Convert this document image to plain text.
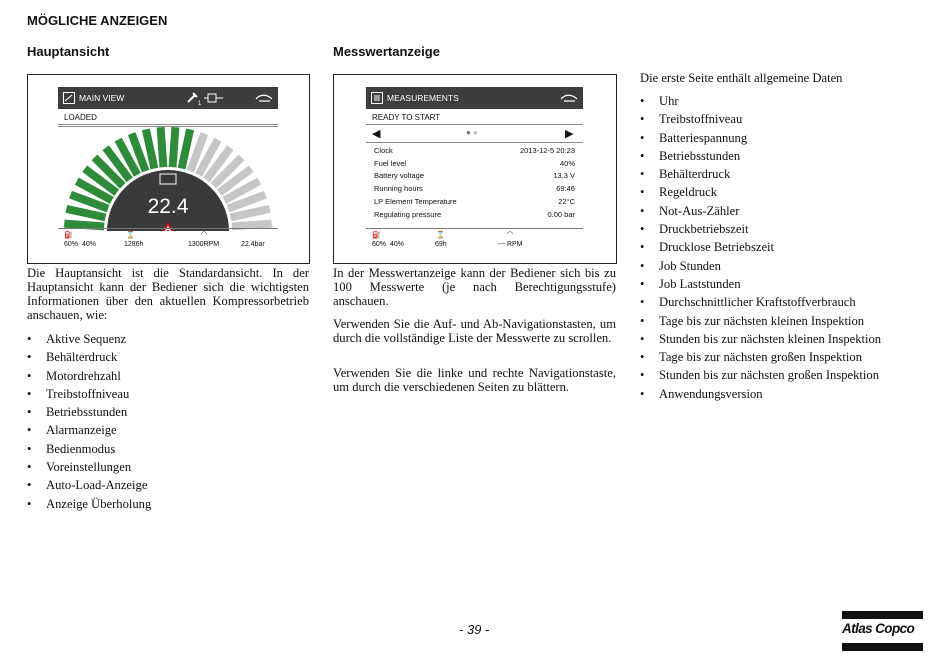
MÖGLICHE ANZEIGEN
Hauptansicht
MAIN VIEW
1
LOADED
22.4
⛽
60% 40%
⌛
1286h
◠
1300RPM	22.4bar
Die Hauptansicht ist die Standardansicht. In der Hauptansicht kann der Bediener sich die wichtigsten Informationen über den aktuellen Kompressorbetrieb anschauen, wie:
• Aktive Sequenz
• Behälterdruck
• Motordrehzahl
• Treibstoffniveau
• Betriebsstunden
• Alarmanzeige
• Bedienmodus
• Voreinstellungen
• Auto-Load-Anzeige
• Anzeige Überholung
Messwertanzeige
MEASUREMENTS
READY TO START
◀	● ●	▶
Clock	2013-12-5 20:23
Fuel level	40%
Battery voltage	13.3 V
Running hours	69:46
LP Element Temperature	22°C
Regulating pressure	0.00 bar
⛽
60% 40%
⌛
69h
◠
--- RPM
In der Messwertanzeige kann der Bediener sich bis zu 100 Messwerte (je nach Berechtigungsstufe) anschauen.
Verwenden Sie die Auf- und Ab-Navigationstasten, um durch die vollständige Liste der Messwerte zu scrollen.
Verwenden Sie die linke und rechte Navigationstaste, um durch die verschiedenen Seiten zu blättern.
Die erste Seite enthält allgemeine Daten
• Uhr
• Treibstoffniveau
• Batteriespannung
• Betriebsstunden
• Behälterdruck
• Regeldruck
• Not-Aus-Zähler
• Druckbetriebszeit
• Drucklose Betriebszeit
• Job Stunden
• Job Laststunden
• Durchschnittlicher Kraftstoffverbrauch
• Tage bis zur nächsten kleinen Inspektion
• Stunden bis zur nächsten kleinen Inspektion
• Tage bis zur nächsten großen Inspektion
• Stunden bis zur nächsten großen Inspektion
• Anwendungsversion
- 39 -	Atlas Copco
